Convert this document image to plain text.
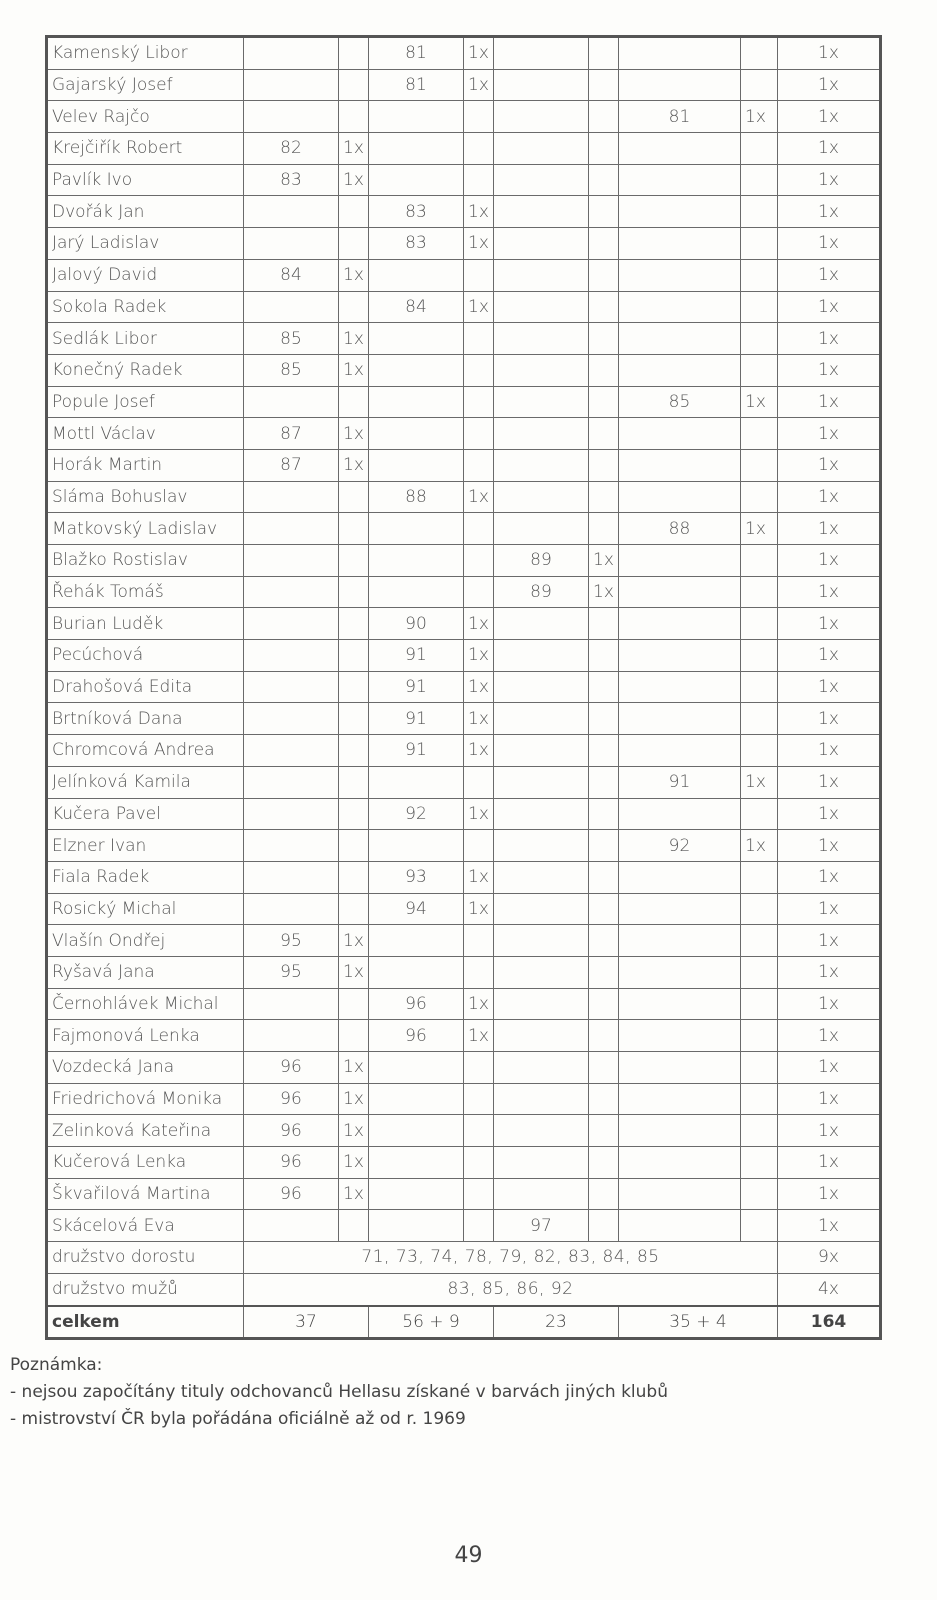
Kamenský Libor			81	1x					1x
Gajarský Josef			81	1x					1x
Velev Rajčo							81	1x	1x
Krejčiřík Robert	82	1x							1x
Pavlík Ivo	83	1x							1x
Dvořák Jan			83	1x					1x
Jarý Ladislav			83	1x					1x
Jalový David	84	1x							1x
Sokola Radek			84	1x					1x
Sedlák Libor	85	1x							1x
Konečný Radek	85	1x							1x
Popule Josef							85	1x	1x
Mottl Václav	87	1x							1x
Horák Martin	87	1x							1x
Sláma Bohuslav			88	1x					1x
Matkovský Ladislav							88	1x	1x
Blažko Rostislav					89	1x			1x
Řehák Tomáš					89	1x			1x
Burian Luděk			90	1x					1x
Pecúchová			91	1x					1x
Drahošová Edita			91	1x					1x
Brtníková Dana			91	1x					1x
Chromcová Andrea			91	1x					1x
Jelínková Kamila							91	1x	1x
Kučera Pavel			92	1x					1x
Elzner Ivan							92	1x	1x
Fiala Radek			93	1x					1x
Rosický Michal			94	1x					1x
Vlašín Ondřej	95	1x							1x
Ryšavá Jana	95	1x							1x
Černohlávek Michal			96	1x					1x
Fajmonová Lenka			96	1x					1x
Vozdecká Jana	96	1x							1x
Friedrichová Monika	96	1x							1x
Zelinková Kateřina	96	1x							1x
Kučerová Lenka	96	1x							1x
Škvařilová Martina	96	1x							1x
Skácelová Eva					97				1x
družstvo dorostu	71, 73, 74, 78, 79, 82, 83, 84, 85								9x
družstvo mužů	83, 85, 86, 92								4x
celkem	37		56 + 9		23		35 + 4		164
Poznámka:
- nejsou započítány tituly odchovanců Hellasu získané v barvách jiných klubů
- mistrovství ČR byla pořádána oficiálně až od r. 1969
49
